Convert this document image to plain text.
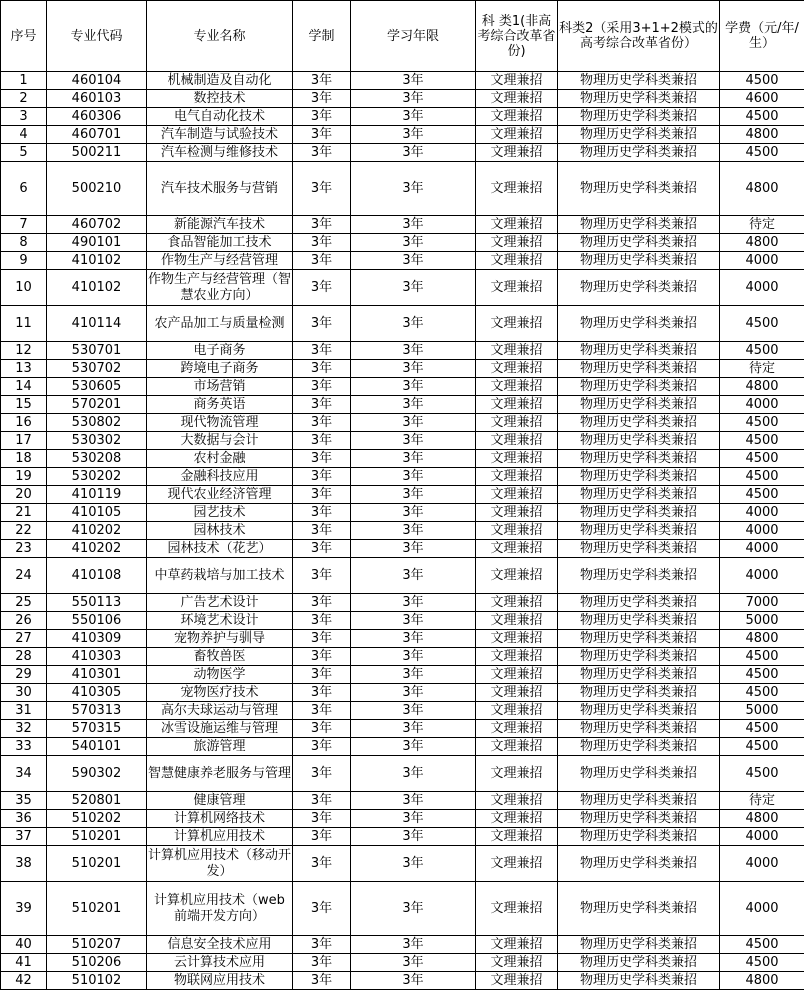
序号	专业代码	专业名称	学制	学习年限	科 类1(非高考综合改革省份)	科类2（采用3+1+2模式的高考综合改革省份）	学费（元/年/生）
1	460104	机械制造及自动化	3年	3年	文理兼招	物理历史学科类兼招	4500
2	460103	数控技术	3年	3年	文理兼招	物理历史学科类兼招	4600
3	460306	电气自动化技术	3年	3年	文理兼招	物理历史学科类兼招	4500
4	460701	汽车制造与试验技术	3年	3年	文理兼招	物理历史学科类兼招	4800
5	500211	汽车检测与维修技术	3年	3年	文理兼招	物理历史学科类兼招	4500
6	500210	汽车技术服务与营销	3年	3年	文理兼招	物理历史学科类兼招	4800
7	460702	新能源汽车技术	3年	3年	文理兼招	物理历史学科类兼招	待定
8	490101	食品智能加工技术	3年	3年	文理兼招	物理历史学科类兼招	4800
9	410102	作物生产与经营管理	3年	3年	文理兼招	物理历史学科类兼招	4000
10	410102	作物生产与经营管理（智慧农业方向）	3年	3年	文理兼招	物理历史学科类兼招	4000
11	410114	农产品加工与质量检测	3年	3年	文理兼招	物理历史学科类兼招	4500
12	530701	电子商务	3年	3年	文理兼招	物理历史学科类兼招	4500
13	530702	跨境电子商务	3年	3年	文理兼招	物理历史学科类兼招	待定
14	530605	市场营销	3年	3年	文理兼招	物理历史学科类兼招	4800
15	570201	商务英语	3年	3年	文理兼招	物理历史学科类兼招	4000
16	530802	现代物流管理	3年	3年	文理兼招	物理历史学科类兼招	4500
17	530302	大数据与会计	3年	3年	文理兼招	物理历史学科类兼招	4500
18	530208	农村金融	3年	3年	文理兼招	物理历史学科类兼招	4500
19	530202	金融科技应用	3年	3年	文理兼招	物理历史学科类兼招	4500
20	410119	现代农业经济管理	3年	3年	文理兼招	物理历史学科类兼招	4500
21	410105	园艺技术	3年	3年	文理兼招	物理历史学科类兼招	4000
22	410202	园林技术	3年	3年	文理兼招	物理历史学科类兼招	4000
23	410202	园林技术（花艺）	3年	3年	文理兼招	物理历史学科类兼招	4000
24	410108	中草药栽培与加工技术	3年	3年	文理兼招	物理历史学科类兼招	4000
25	550113	广告艺术设计	3年	3年	文理兼招	物理历史学科类兼招	7000
26	550106	环境艺术设计	3年	3年	文理兼招	物理历史学科类兼招	5000
27	410309	宠物养护与驯导	3年	3年	文理兼招	物理历史学科类兼招	4800
28	410303	畜牧兽医	3年	3年	文理兼招	物理历史学科类兼招	4500
29	410301	动物医学	3年	3年	文理兼招	物理历史学科类兼招	4500
30	410305	宠物医疗技术	3年	3年	文理兼招	物理历史学科类兼招	4500
31	570313	高尔夫球运动与管理	3年	3年	文理兼招	物理历史学科类兼招	5000
32	570315	冰雪设施运维与管理	3年	3年	文理兼招	物理历史学科类兼招	4500
33	540101	旅游管理	3年	3年	文理兼招	物理历史学科类兼招	4500
34	590302	智慧健康养老服务与管理	3年	3年	文理兼招	物理历史学科类兼招	4500
35	520801	健康管理	3年	3年	文理兼招	物理历史学科类兼招	待定
36	510202	计算机网络技术	3年	3年	文理兼招	物理历史学科类兼招	4800
37	510201	计算机应用技术	3年	3年	文理兼招	物理历史学科类兼招	4000
38	510201	计算机应用技术（移动开发）	3年	3年	文理兼招	物理历史学科类兼招	4000
39	510201	计算机应用技术（web前端开发方向）	3年	3年	文理兼招	物理历史学科类兼招	4000
40	510207	信息安全技术应用	3年	3年	文理兼招	物理历史学科类兼招	4500
41	510206	云计算技术应用	3年	3年	文理兼招	物理历史学科类兼招	4500
42	510102	物联网应用技术	3年	3年	文理兼招	物理历史学科类兼招	4800
